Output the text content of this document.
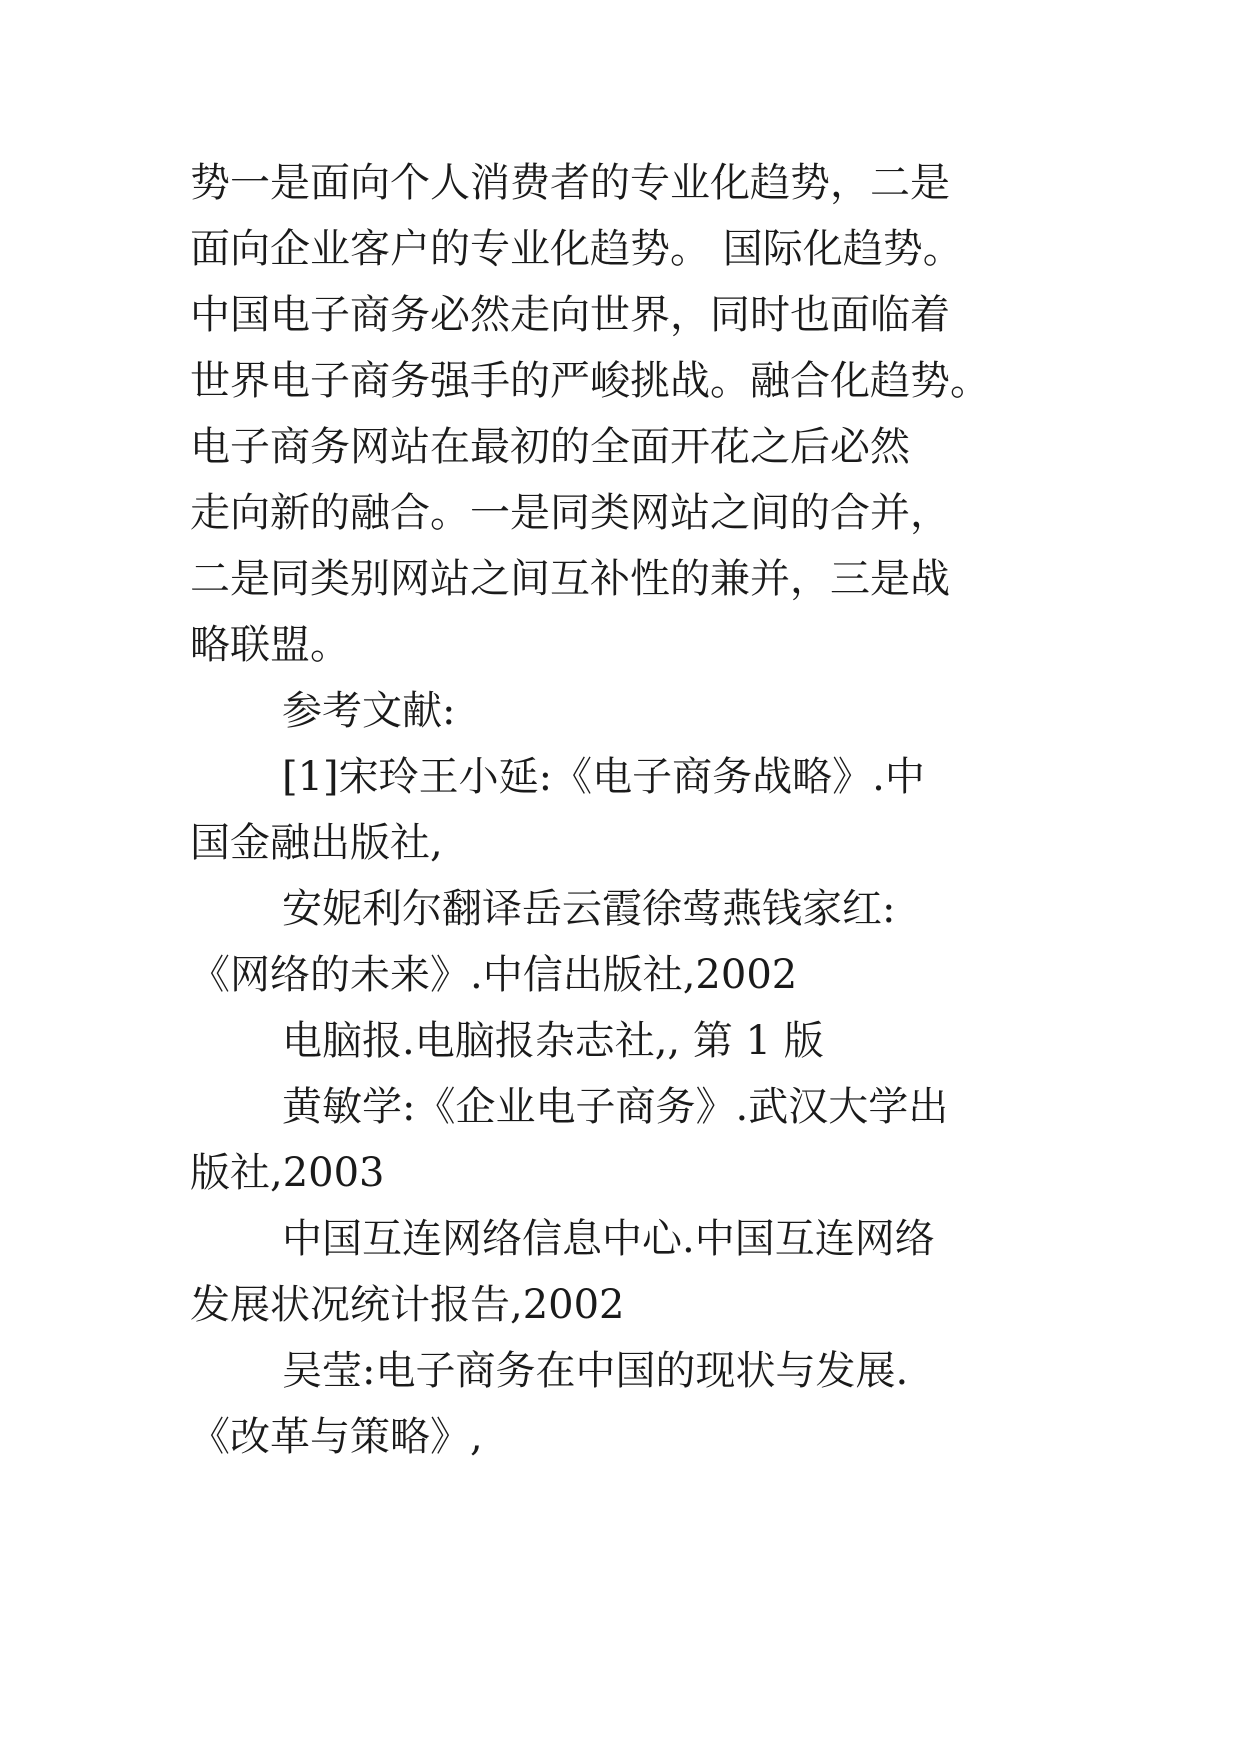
势一是面向个人消费者的专业化趋势，二是
面向企业客户的专业化趋势。 国际化趋势。
中国电子商务必然走向世界，同时也面临着
世界电子商务强手的严峻挑战。融合化趋势。
电子商务网站在最初的全面开花之后必然
走向新的融合。一是同类网站之间的合并，
二是同类别网站之间互补性的兼并，三是战
略联盟。
参考文献:
[1]宋玲王小延:《电子商务战略》.中
国金融出版社,
安妮利尔翻译岳云霞徐莺燕钱家红:
《网络的未来》.中信出版社,2002
电脑报.电脑报杂志社,, 第 1 版
黄敏学:《企业电子商务》.武汉大学出
版社,2003
中国互连网络信息中心.中国互连网络
发展状况统计报告,2002
吴莹:电子商务在中国的现状与发展.
《改革与策略》,
